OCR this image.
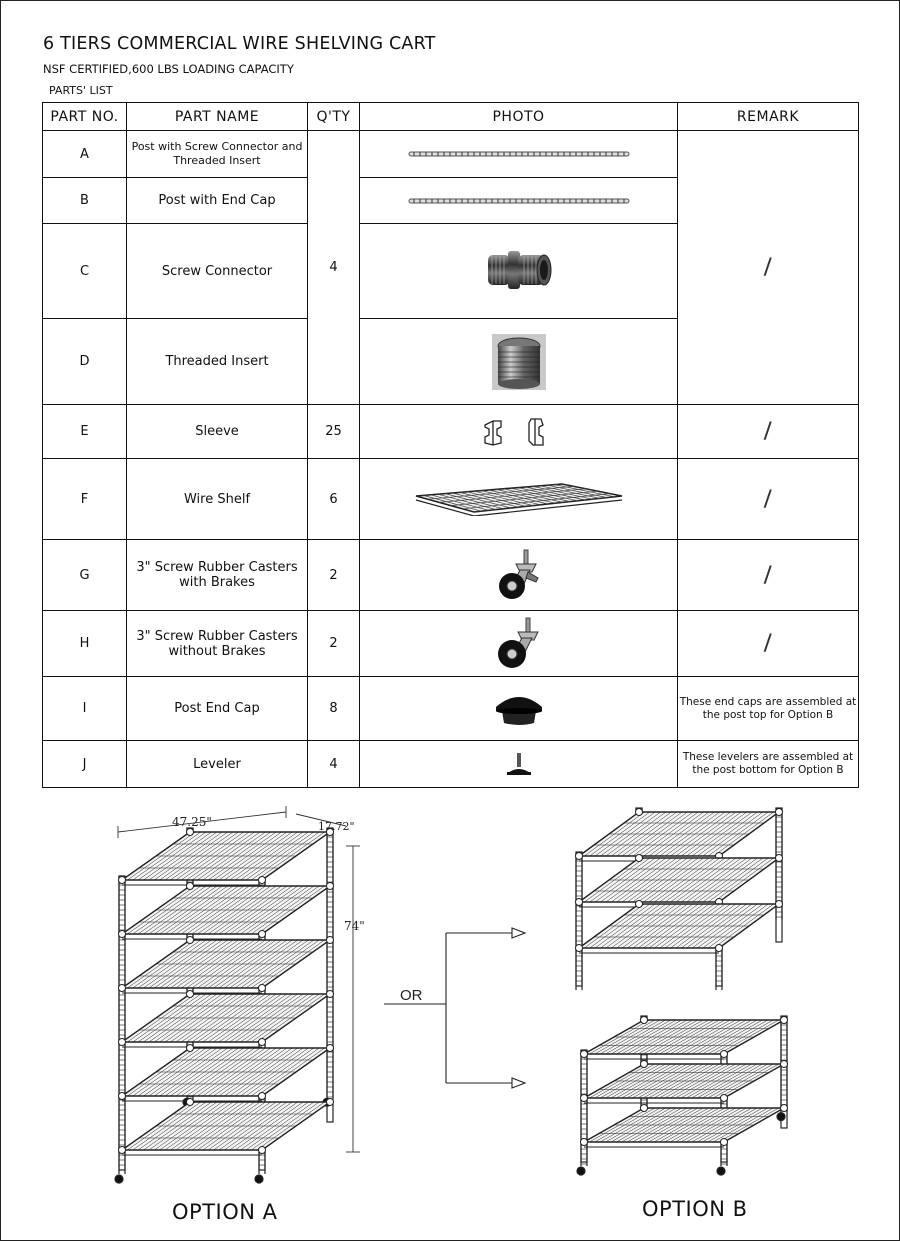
6 TIERS COMMERCIAL WIRE SHELVING CART
NSF CERTIFIED,600 LBS LOADING CAPACITY
PARTS' LIST
PART NO.	PART NAME	Q'TY	PHOTO	REMARK
A	Post with Screw Connector and Threaded Insert	4		/
B	Post with End Cap	

C	Screw Connector	

D	Threaded Insert	

E	Sleeve	25		/
F	Wire Shelf	6		/
G	3" Screw Rubber Casters
with Brakes	2		/
H	3" Screw Rubber Casters
without Brakes	2		/
I	Post End Cap	8		These end caps are assembled at the post top for Option B
J	Leveler	4		These levelers are assembled at the post bottom for Option B
47.25"	17.72"
74"
OR
OPTION A	OPTION B
